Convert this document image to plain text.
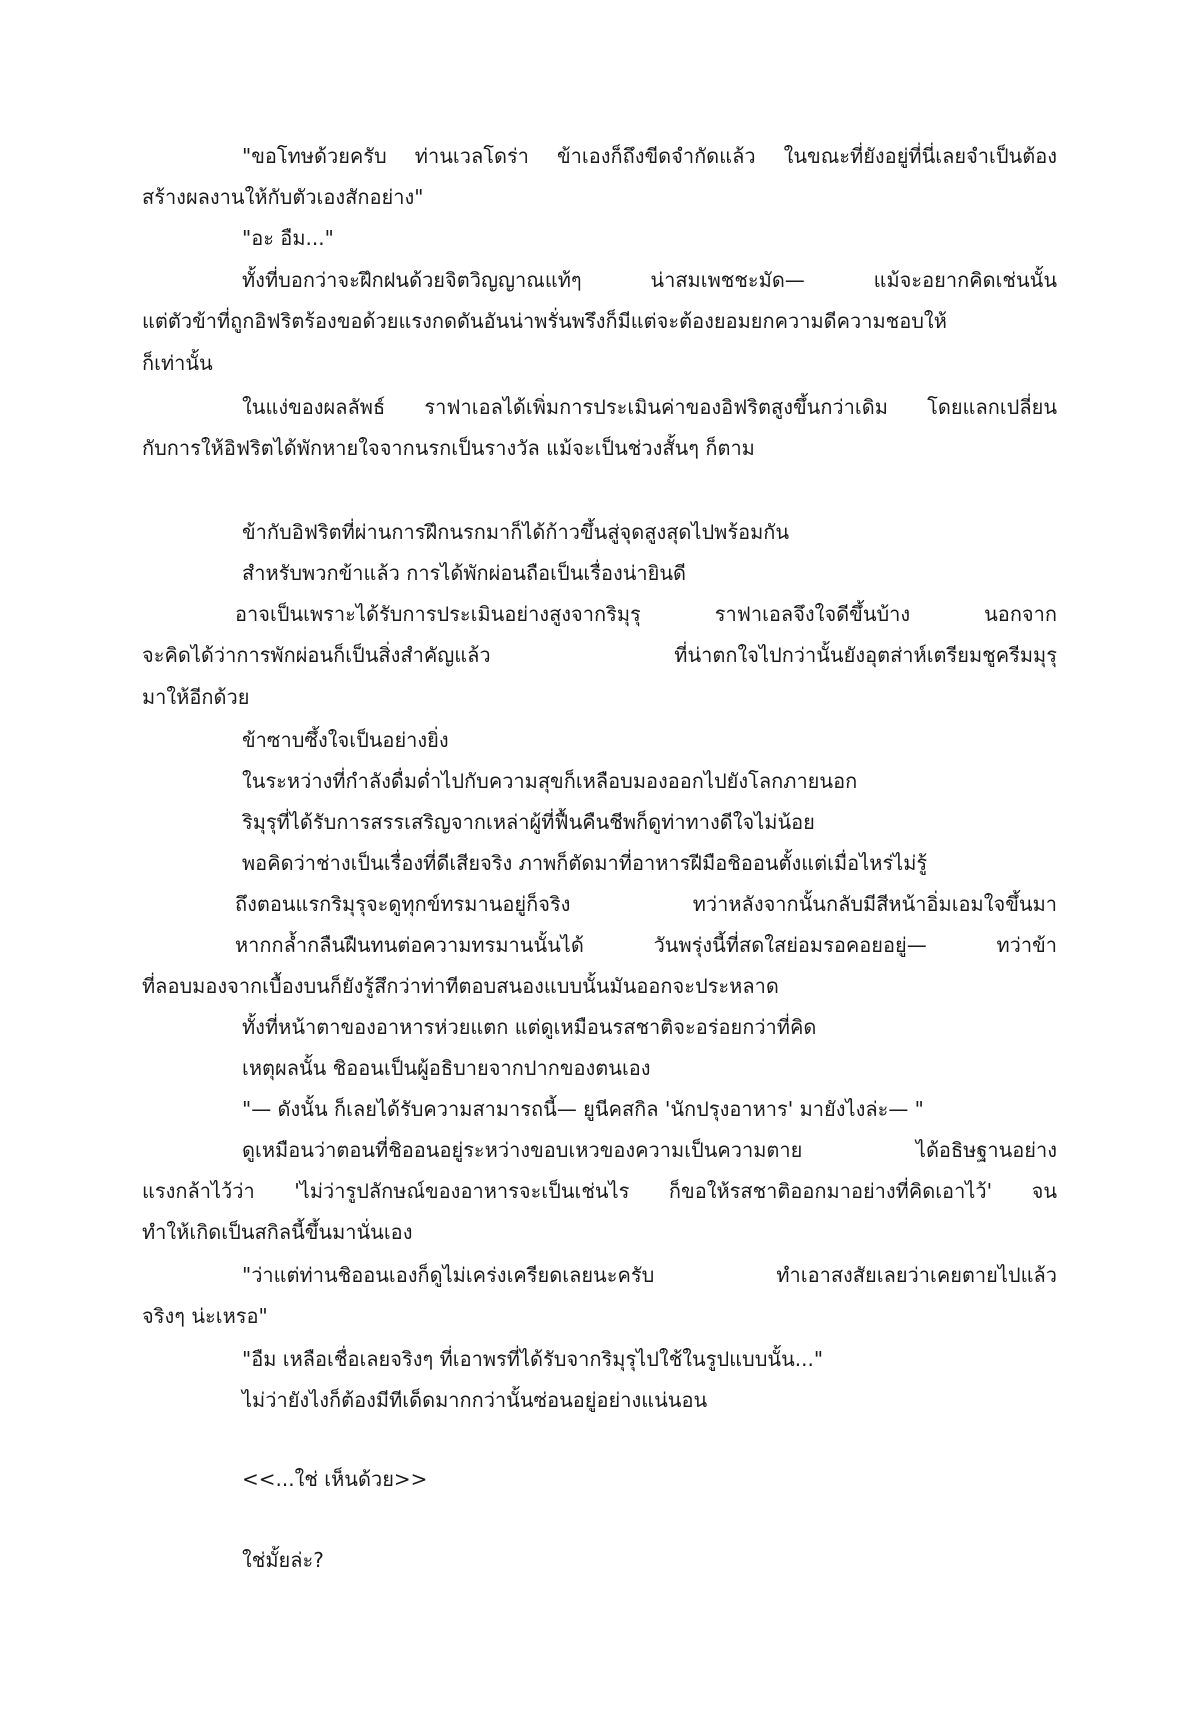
"ขอโทษด้วยครับ ท่านเวลโดร่า ข้าเองก็ถึงขีดจำกัดแล้ว ในขณะที่ยังอยู่ที่นี่เลยจำเป็นต้อง
สร้างผลงานให้กับตัวเองสักอย่าง"
"อะ อืม..."
ทั้งที่บอกว่าจะฝึกฝนด้วยจิตวิญญาณแท้ๆ น่าสมเพชชะมัด— แม้จะอยากคิดเช่นนั้น
แต่ตัวข้าที่ถูกอิฟริตร้องขอด้วยแรงกดดันอันน่าพรั่นพรึงก็มีแต่จะต้องยอมยกความดีความชอบให้
ก็เท่านั้น
ในแง่ของผลลัพธ์ ราฟาเอลได้เพิ่มการประเมินค่าของอิฟริตสูงขึ้นกว่าเดิม โดยแลกเปลี่ยน
กับการให้อิฟริตได้พักหายใจจากนรกเป็นรางวัล แม้จะเป็นช่วงสั้นๆ ก็ตาม
ข้ากับอิฟริตที่ผ่านการฝึกนรกมาก็ได้ก้าวขึ้นสู่จุดสูงสุดไปพร้อมกัน
สำหรับพวกข้าแล้ว การได้พักผ่อนถือเป็นเรื่องน่ายินดี
อาจเป็นเพราะได้รับการประเมินอย่างสูงจากริมุรุ ราฟาเอลจึงใจดีขึ้นบ้าง นอกจาก
จะคิดได้ว่าการพักผ่อนก็เป็นสิ่งสำคัญแล้ว ที่น่าตกใจไปกว่านั้นยังอุตส่าห์เตรียมชูครีมมุรุ
มาให้อีกด้วย
ข้าซาบซึ้งใจเป็นอย่างยิ่ง
ในระหว่างที่กำลังดื่มด่ำไปกับความสุขก็เหลือบมองออกไปยังโลกภายนอก
ริมุรุที่ได้รับการสรรเสริญจากเหล่าผู้ที่ฟื้นคืนชีพก็ดูท่าทางดีใจไม่น้อย
พอคิดว่าช่างเป็นเรื่องที่ดีเสียจริง ภาพก็ตัดมาที่อาหารฝีมือชิออนตั้งแต่เมื่อไหร่ไม่รู้
ถึงตอนแรกริมุรุจะดูทุกข์ทรมานอยู่ก็จริง ทว่าหลังจากนั้นกลับมีสีหน้าอิ่มเอมใจขึ้นมา
หากกล้ำกลืนฝืนทนต่อความทรมานนั้นได้ วันพรุ่งนี้ที่สดใสย่อมรอคอยอยู่— ทว่าข้า
ที่ลอบมองจากเบื้องบนก็ยังรู้สึกว่าท่าทีตอบสนองแบบนั้นมันออกจะประหลาด
ทั้งที่หน้าตาของอาหารห่วยแตก แต่ดูเหมือนรสชาติจะอร่อยกว่าที่คิด
เหตุผลนั้น ชิออนเป็นผู้อธิบายจากปากของตนเอง
"— ดังนั้น ก็เลยได้รับความสามารถนี้— ยูนีคสกิล 'นักปรุงอาหาร' มายังไงล่ะ— "
ดูเหมือนว่าตอนที่ชิออนอยู่ระหว่างขอบเหวของความเป็นความตาย ได้อธิษฐานอย่าง
แรงกล้าไว้ว่า 'ไม่ว่ารูปลักษณ์ของอาหารจะเป็นเช่นไร ก็ขอให้รสชาติออกมาอย่างที่คิดเอาไว้' จน
ทำให้เกิดเป็นสกิลนี้ขึ้นมานั่นเอง
"ว่าแต่ท่านชิออนเองก็ดูไม่เคร่งเครียดเลยนะครับ ทำเอาสงสัยเลยว่าเคยตายไปแล้ว
จริงๆ น่ะเหรอ"
"อืม เหลือเชื่อเลยจริงๆ ที่เอาพรที่ได้รับจากริมุรุไปใช้ในรูปแบบนั้น..."
ไม่ว่ายังไงก็ต้องมีทีเด็ดมากกว่านั้นซ่อนอยู่อย่างแน่นอน
<<...ใช่ เห็นด้วย>>
ใช่มั้ยล่ะ?
